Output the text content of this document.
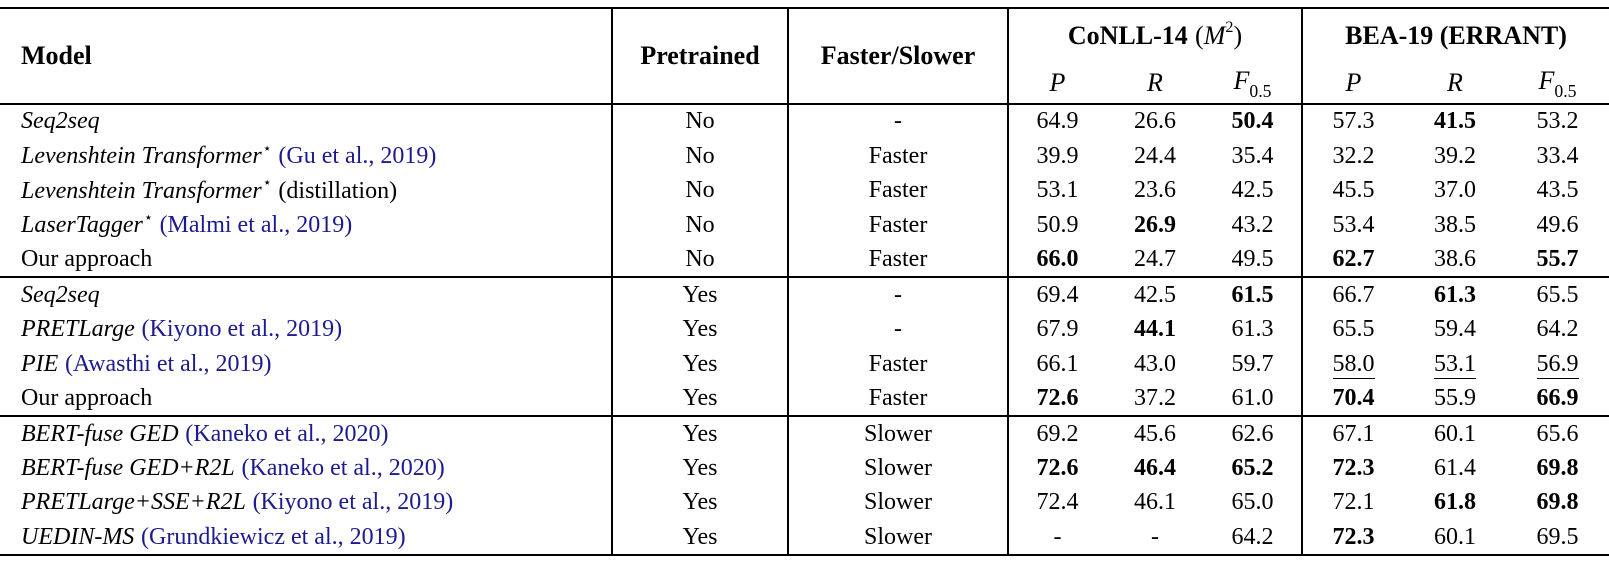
Model	Pretrained	Faster/Slower	CoNLL-14 $(M^2)$			BEA-19 (ERRANT)		
			P	R	$F_{0.5}$	P	R	$F_{0.5}$
Seq2seq	No	-	64.9	26.6	50.4	57.3	41.5	53.2
Levenshtein Transformer⋆ (Gu et al., 2019)	No	Faster	39.9	24.4	35.4	32.2	39.2	33.4
Levenshtein Transformer⋆ (distillation)	No	Faster	53.1	23.6	42.5	45.5	37.0	43.5
LaserTagger⋆ (Malmi et al., 2019)	No	Faster	50.9	26.9	43.2	53.4	38.5	49.6
Our approach	No	Faster	66.0	24.7	49.5	62.7	38.6	55.7
Seq2seq	Yes	-	69.4	42.5	61.5	66.7	61.3	65.5
PRETLarge (Kiyono et al., 2019)	Yes	-	67.9	44.1	61.3	65.5	59.4	64.2
PIE (Awasthi et al., 2019)	Yes	Faster	66.1	43.0	59.7	58.0	53.1	56.9
Our approach	Yes	Faster	72.6	37.2	61.0	70.4	55.9	66.9
BERT-fuse GED (Kaneko et al., 2020)	Yes	Slower	69.2	45.6	62.6	67.1	60.1	65.6
BERT-fuse GED+R2L (Kaneko et al., 2020)	Yes	Slower	72.6	46.4	65.2	72.3	61.4	69.8
PRETLarge+SSE+R2L (Kiyono et al., 2019)	Yes	Slower	72.4	46.1	65.0	72.1	61.8	69.8
UEDIN-MS (Grundkiewicz et al., 2019)	Yes	Slower	-	-	64.2	72.3	60.1	69.5
